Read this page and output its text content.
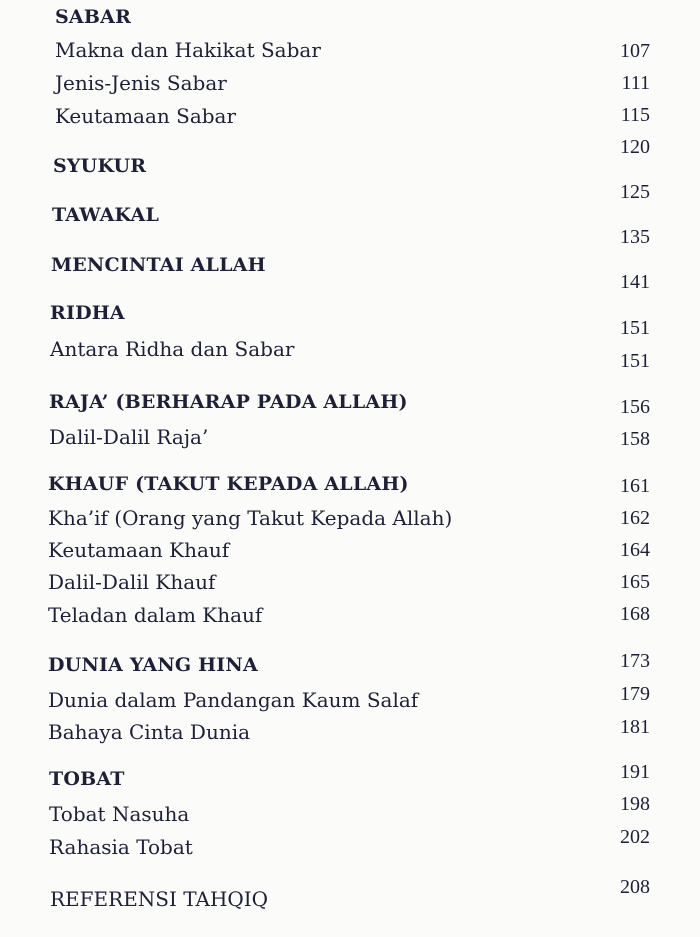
SABAR
Makna dan Hakikat Sabar
Jenis-Jenis Sabar
Keutamaan Sabar
SYUKUR
TAWAKAL
MENCINTAI ALLAH
RIDHA
Antara Ridha dan Sabar
RAJA’ (BERHARAP PADA ALLAH)
Dalil-Dalil Raja’
KHAUF (TAKUT KEPADA ALLAH)
Kha’if (Orang yang Takut Kepada Allah)
Keutamaan Khauf
Dalil-Dalil Khauf
Teladan dalam Khauf
DUNIA YANG HINA
Dunia dalam Pandangan Kaum Salaf
Bahaya Cinta Dunia
TOBAT
Tobat Nasuha
Rahasia Tobat
REFERENSI TAHQIQ
107
111
115
120
125
135
141
151
151
156
158
161
162
164
165
168
173
179
181
191
198
202
208
